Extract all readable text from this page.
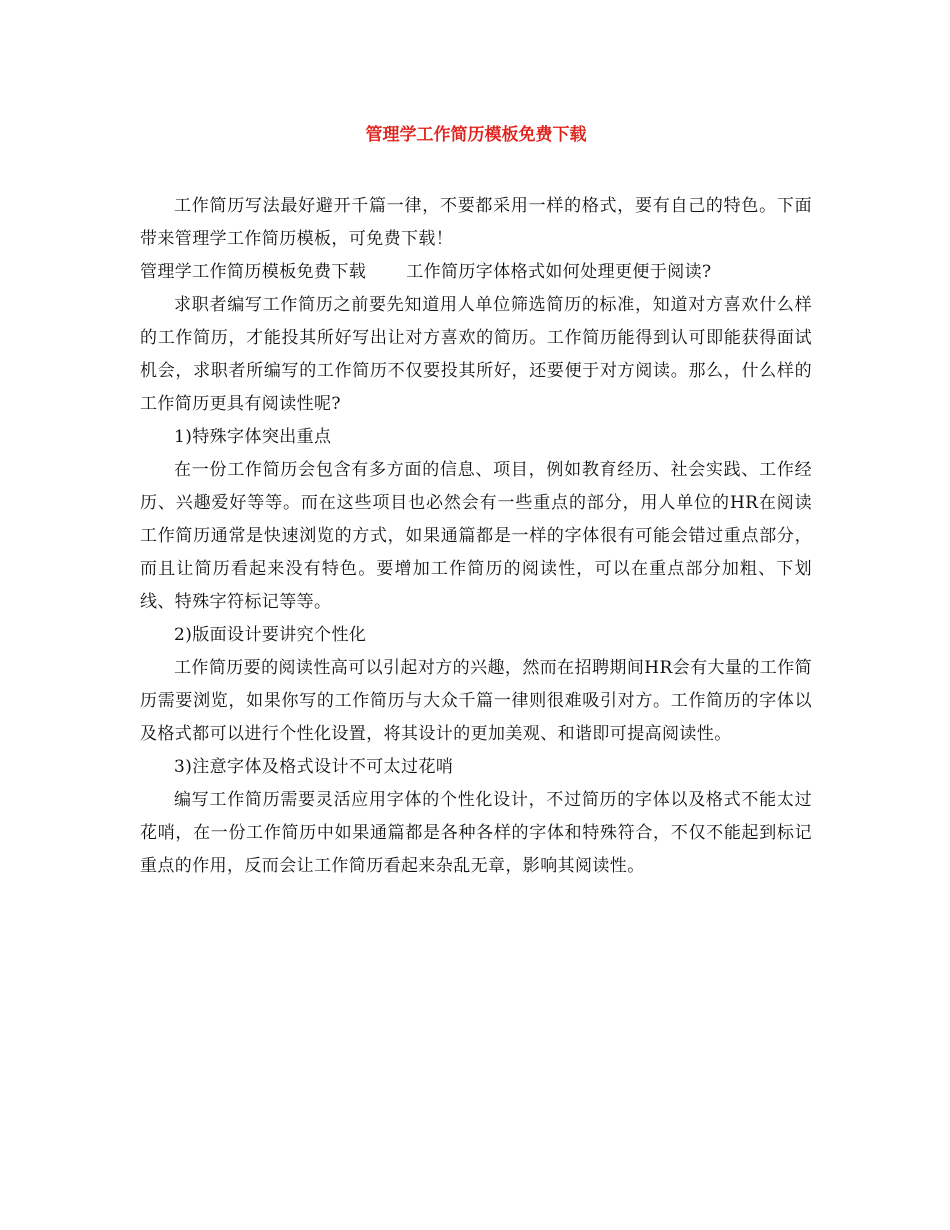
管理学工作简历模板免费下载

工作简历写法最好避开千篇一律，不要都采用一样的格式，要有自己的特色。下面带来管理学工作简历模板，可免费下载！

管理学工作简历模板免费下载 工作简历字体格式如何处理更便于阅读?

求职者编写工作简历之前要先知道用人单位筛选简历的标准，知道对方喜欢什么样的工作简历，才能投其所好写出让对方喜欢的简历。工作简历能得到认可即能获得面试机会，求职者所编写的工作简历不仅要投其所好，还要便于对方阅读。那么，什么样的工作简历更具有阅读性呢?

1)特殊字体突出重点

在一份工作简历会包含有多方面的信息、项目，例如教育经历、社会实践、工作经历、兴趣爱好等等。而在这些项目也必然会有一些重点的部分，用人单位的HR在阅读工作简历通常是快速浏览的方式，如果通篇都是一样的字体很有可能会错过重点部分，而且让简历看起来没有特色。要增加工作简历的阅读性，可以在重点部分加粗、下划线、特殊字符标记等等。

2)版面设计要讲究个性化

工作简历要的阅读性高可以引起对方的兴趣，然而在招聘期间HR会有大量的工作简历需要浏览，如果你写的工作简历与大众千篇一律则很难吸引对方。工作简历的字体以及格式都可以进行个性化设置，将其设计的更加美观、和谐即可提高阅读性。

3)注意字体及格式设计不可太过花哨

编写工作简历需要灵活应用字体的个性化设计，不过简历的字体以及格式不能太过花哨，在一份工作简历中如果通篇都是各种各样的字体和特殊符合，不仅不能起到标记重点的作用，反而会让工作简历看起来杂乱无章，影响其阅读性。
